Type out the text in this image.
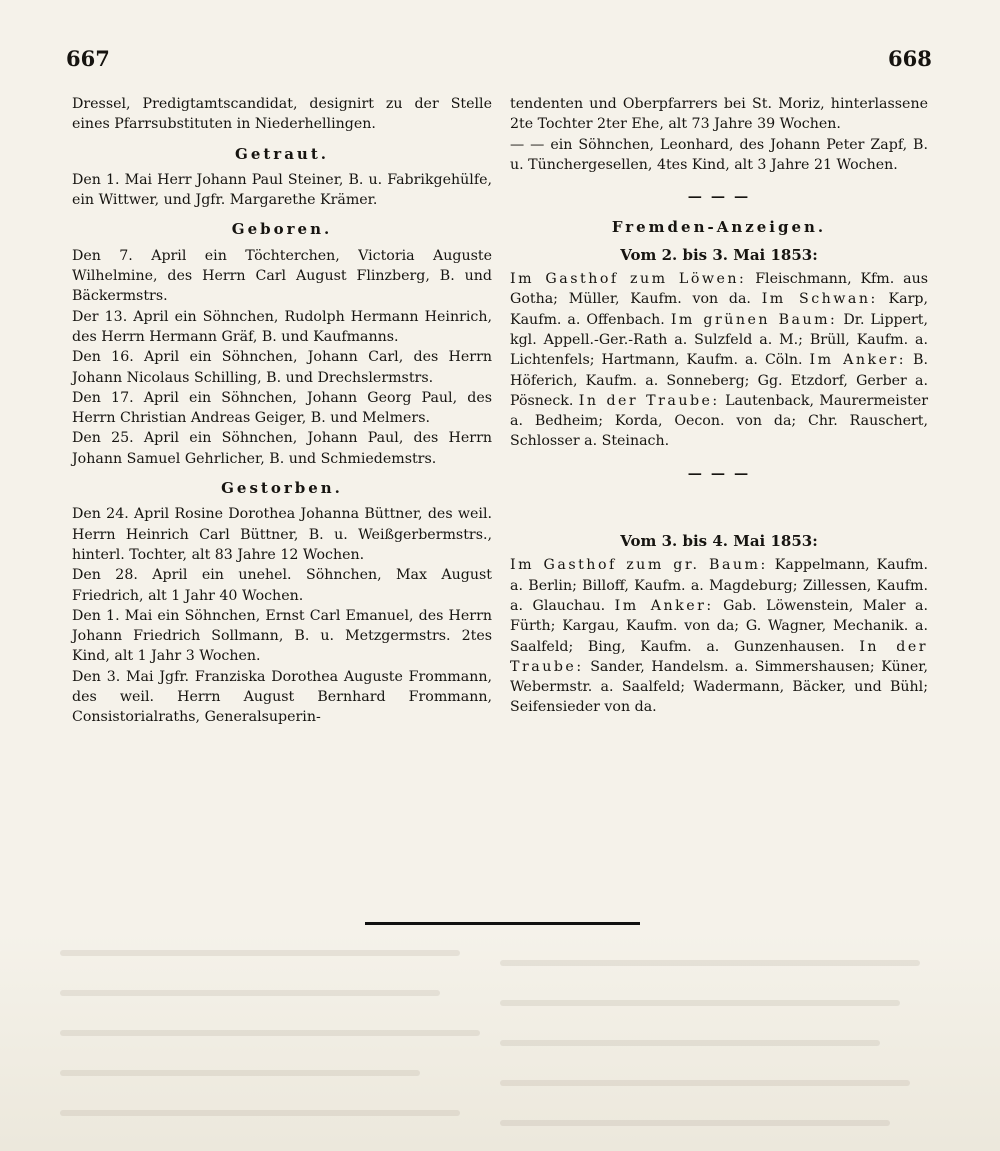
667	668

Dressel, Predigtamtscandidat, designirt zu der Stelle eines Pfarrsubstituten in Niederhellingen.

Getraut.

Den 1. Mai Herr Johann Paul Steiner, B. u. Fabrikgehülfe, ein Wittwer, und Jgfr. Margarethe Krämer.

Geboren.

Den 7. April ein Töchterchen, Victoria Auguste Wilhelmine, des Herrn Carl August Flinzberg, B. und Bäckermstrs.

Der 13. April ein Söhnchen, Rudolph Hermann Heinrich, des Herrn Hermann Gräf, B. und Kaufmanns.

Den 16. April ein Söhnchen, Johann Carl, des Herrn Johann Nicolaus Schilling, B. und Drechslermstrs.

Den 17. April ein Söhnchen, Johann Georg Paul, des Herrn Christian Andreas Geiger, B. und Melmers.

Den 25. April ein Söhnchen, Johann Paul, des Herrn Johann Samuel Gehrlicher, B. und Schmiedemstrs.

Gestorben.

Den 24. April Rosine Dorothea Johanna Büttner, des weil. Herrn Heinrich Carl Büttner, B. u. Weißgerbermstrs., hinterl. Tochter, alt 83 Jahre 12 Wochen.

Den 28. April ein unehel. Söhnchen, Max August Friedrich, alt 1 Jahr 40 Wochen.

Den 1. Mai ein Söhnchen, Ernst Carl Emanuel, des Herrn Johann Friedrich Sollmann, B. u. Metzgermstrs. 2tes Kind, alt 1 Jahr 3 Wochen.

Den 3. Mai Jgfr. Franziska Dorothea Auguste Frommann, des weil. Herrn August Bernhard Frommann, Consistorialraths, Generalsuperin-

tendenten und Oberpfarrers bei St. Moriz, hinterlassene 2te Tochter 2ter Ehe, alt 73 Jahre 39 Wochen.

— — ein Söhnchen, Leonhard, des Johann Peter Zapf, B. u. Tünchergesellen, 4tes Kind, alt 3 Jahre 21 Wochen.

— — —
Fremden-Anzeigen.
Vom 2. bis 3. Mai 1853:

Im Gasthof zum Löwen: Fleischmann, Kfm. aus Gotha; Müller, Kaufm. von da. Im Schwan: Karp, Kaufm. a. Offenbach. Im grünen Baum: Dr. Lippert, kgl. Appell.-Ger.-Rath a. Sulzfeld a. M.; Brüll, Kaufm. a. Lichtenfels; Hartmann, Kaufm. a. Cöln. Im Anker: B. Höferich, Kaufm. a. Sonneberg; Gg. Etzdorf, Gerber a. Pösneck. In der Traube: Lautenback, Maurermeister a. Bedheim; Korda, Oecon. von da; Chr. Rauschert, Schlosser a. Steinach.

— — —
Vom 3. bis 4. Mai 1853:

Im Gasthof zum gr. Baum: Kappelmann, Kaufm. a. Berlin; Billoff, Kaufm. a. Magdeburg; Zillessen, Kaufm. a. Glauchau. Im Anker: Gab. Löwenstein, Maler a. Fürth; Kargau, Kaufm. von da; G. Wagner, Mechanik. a. Saalfeld; Bing, Kaufm. a. Gunzenhausen. In der Traube: Sander, Handelsm. a. Simmershausen; Küner, Webermstr. a. Saalfeld; Wadermann, Bäcker, und Bühl; Seifensieder von da.
